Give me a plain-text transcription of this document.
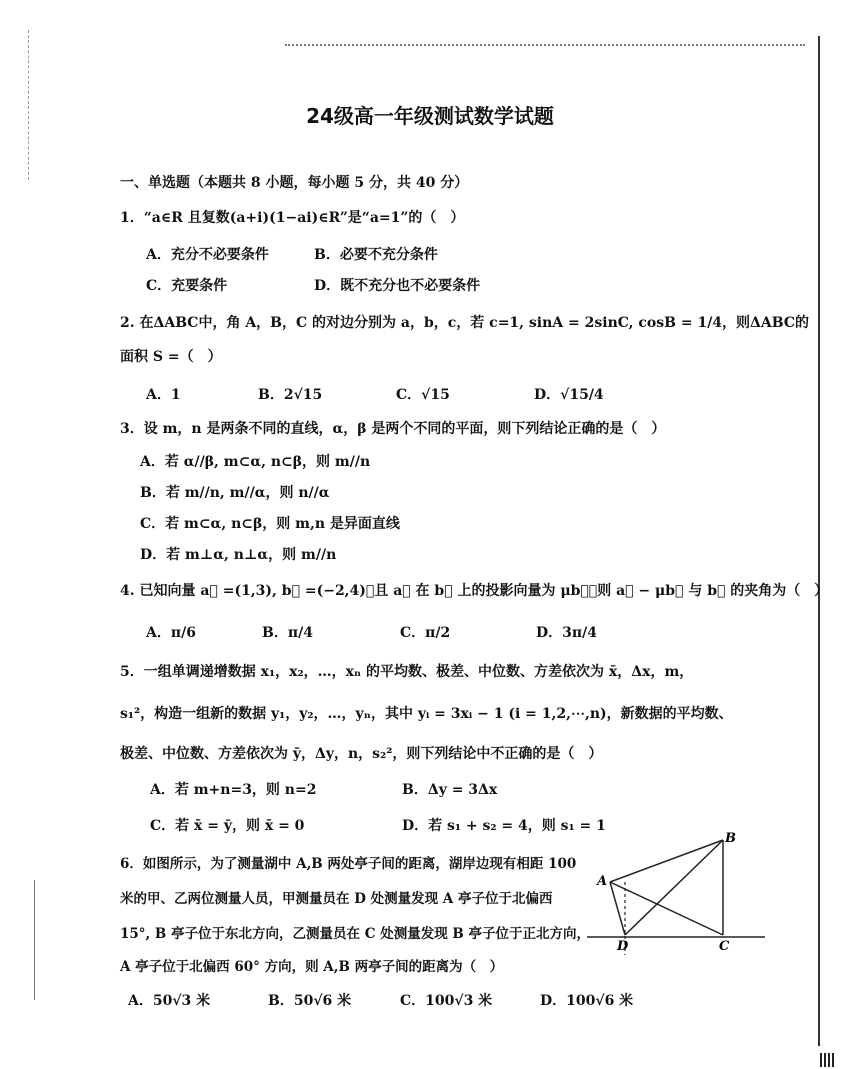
24级高一年级测试数学试题
一、单选题（本题共 8 小题，每小题 5 分，共 40 分）
1．“a∈R 且复数(a+i)(1−ai)∈R”是“a=1”的（　）
A．充分不必要条件	B．必要不充分条件
C．充要条件	D．既不充分也不必要条件
2. 在ΔABC中，角 A，B，C 的对边分别为 a，b，c，若 c=1, sinA = 2sinC, cosB = 1/4，则ΔABC的
面积 S =（　）
A．1	B．2√15	C．√15	D．√15/4
3．设 m，n 是两条不同的直线，α，β 是两个不同的平面，则下列结论正确的是（　）
A．若 α//β, m⊂α, n⊂β，则 m//n
B．若 m//n, m//α，则 n//α
C．若 m⊂α, n⊂β，则 m,n 是异面直线
D．若 m⊥α, n⊥α，则 m//n
4. 已知向量 a⃗ =(1,3), b⃗ =(−2,4)，且 a⃗ 在 b⃗ 上的投影向量为 μb⃗，则 a⃗ − μb⃗ 与 b⃗ 的夹角为（　）
A．π/6	B．π/4	C．π/2	D．3π/4
5．一组单调递增数据 x₁，x₂，…，xₙ 的平均数、极差、中位数、方差依次为 x̄，Δx，m，
s₁²，构造一组新的数据 y₁，y₂，…，yₙ，其中 yᵢ = 3xᵢ − 1 (i = 1,2,⋯,n)，新数据的平均数、
极差、中位数、方差依次为 ȳ，Δy，n，s₂²，则下列结论中不正确的是（　）
A．若 m+n=3，则 n=2	B．Δy = 3Δx
C．若 x̄ = ȳ，则 x̄ = 0	D．若 s₁ + s₂ = 4，则 s₁ = 1
6．如图所示，为了测量湖中 A,B 两处亭子间的距离，湖岸边现有相距 100
米的甲、乙两位测量人员，甲测量员在 D 处测量发现 A 亭子位于北偏西
15°, B 亭子位于东北方向，乙测量员在 C 处测量发现 B 亭子位于正北方向，
A 亭子位于北偏西 60° 方向，则 A,B 两亭子间的距离为（　）
A．50√3 米	B．50√6 米	C．100√3 米	D．100√6 米
B
A
D	C
